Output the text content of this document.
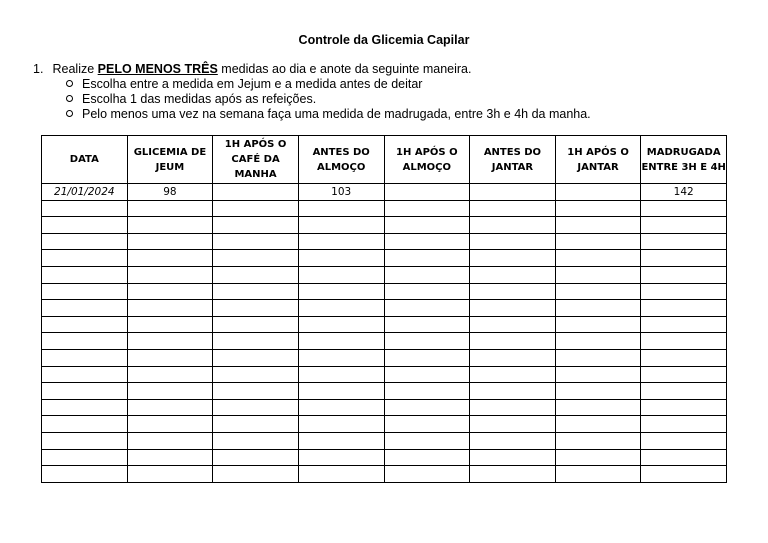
Controle da Glicemia Capilar
1. Realize PELO MENOS TRÊS medidas ao dia e anote da seguinte maneira.
Escolha entre a medida em Jejum e a medida antes de deitar
Escolha 1 das medidas após as refeições.
Pelo menos uma vez na semana faça uma medida de madrugada, entre 3h e 4h da manha.
DATA	GLICEMIA DE JEUM	1H APÓS O CAFÉ DA MANHA	ANTES DO ALMOÇO	1H APÓS O ALMOÇO	ANTES DO JANTAR	1H APÓS O JANTAR	MADRUGADA ENTRE 3H E 4H
21/01/2024	98		103				142
